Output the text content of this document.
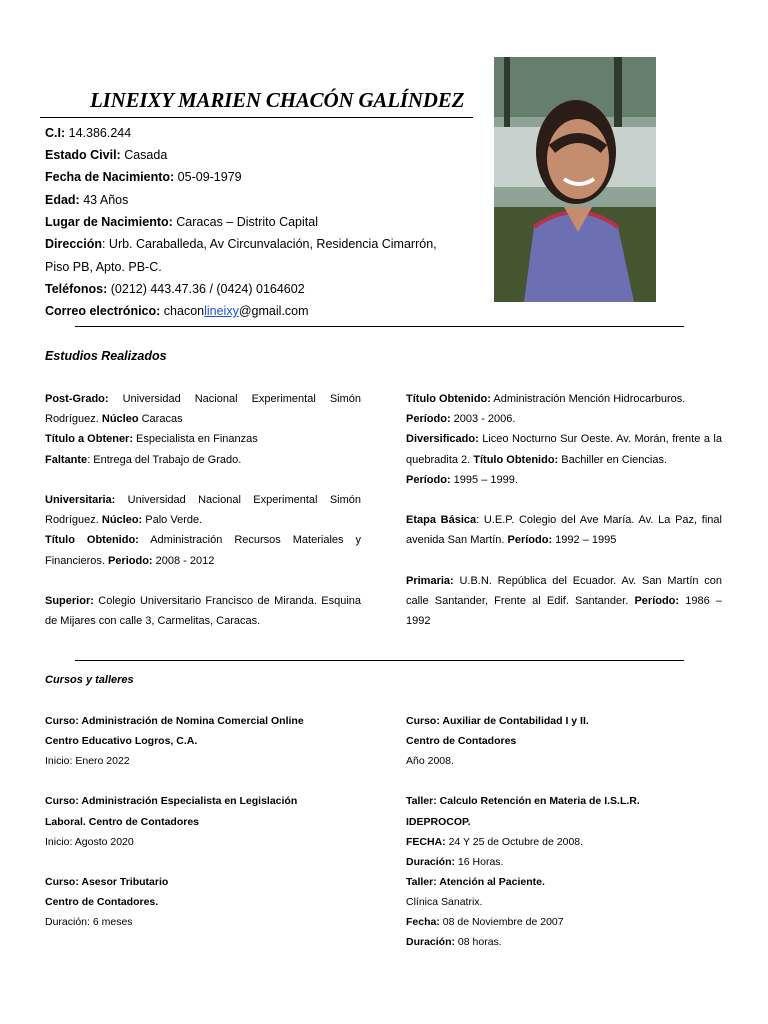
LINEIXY MARIEN CHACÓN GALÍNDEZ
C.I: 14.386.244
Estado Civil: Casada
Fecha de Nacimiento: 05-09-1979
Edad: 43 Años
Lugar de Nacimiento: Caracas – Distrito Capital
Dirección: Urb. Caraballeda, Av Circunvalación, Residencia Cimarrón,
Piso PB, Apto. PB-C.
Teléfonos: (0212) 443.47.36 / (0424) 0164602
Correo electrónico: chaconlineixy@gmail.com
Estudios Realizados

Post-Grado: Universidad Nacional Experimental Simón Rodríguez. Núcleo Caracas

Título a Obtener: Especialista en Finanzas

Faltante: Entrega del Trabajo de Grado.

Universitaria: Universidad Nacional Experimental Simón Rodríguez. Núcleo: Palo Verde.

Título Obtenido: Administración Recursos Materiales y Financieros. Periodo: 2008 - 2012

Superior: Colegio Universitario Francisco de Miranda. Esquina de Mijares con calle 3, Carmelitas, Caracas.

Título Obtenido: Administración Mención Hidrocarburos.

Período: 2003 - 2006.

Diversificado: Liceo Nocturno Sur Oeste. Av. Morán, frente a la quebradita 2. Título Obtenido: Bachiller en Ciencias.

Período: 1995 – 1999.

Etapa Básica: U.E.P. Colegio del Ave María. Av. La Paz, final avenida San Martín. Período: 1992 – 1995

Primaria: U.B.N. República del Ecuador. Av. San Martín con calle Santander, Frente al Edif. Santander. Período: 1986 – 1992

Cursos y talleres

Curso: Administración de Nomina Comercial Online

Centro Educativo Logros, C.A.

Inicio: Enero 2022

Curso: Administración Especialista en Legislación

Laboral. Centro de Contadores

Inicio: Agosto 2020

Curso: Asesor Tributario

Centro de Contadores.

Duración: 6 meses

Curso: Auxiliar de Contabilidad I y II.

Centro de Contadores

Año 2008.

Taller: Calculo Retención en Materia de I.S.L.R.

IDEPROCOP.

FECHA: 24 Y 25 de Octubre de 2008.

Duración: 16 Horas.

Taller: Atención al Paciente.

Clínica Sanatrix.

Fecha: 08 de Noviembre de 2007

Duración: 08 horas.
